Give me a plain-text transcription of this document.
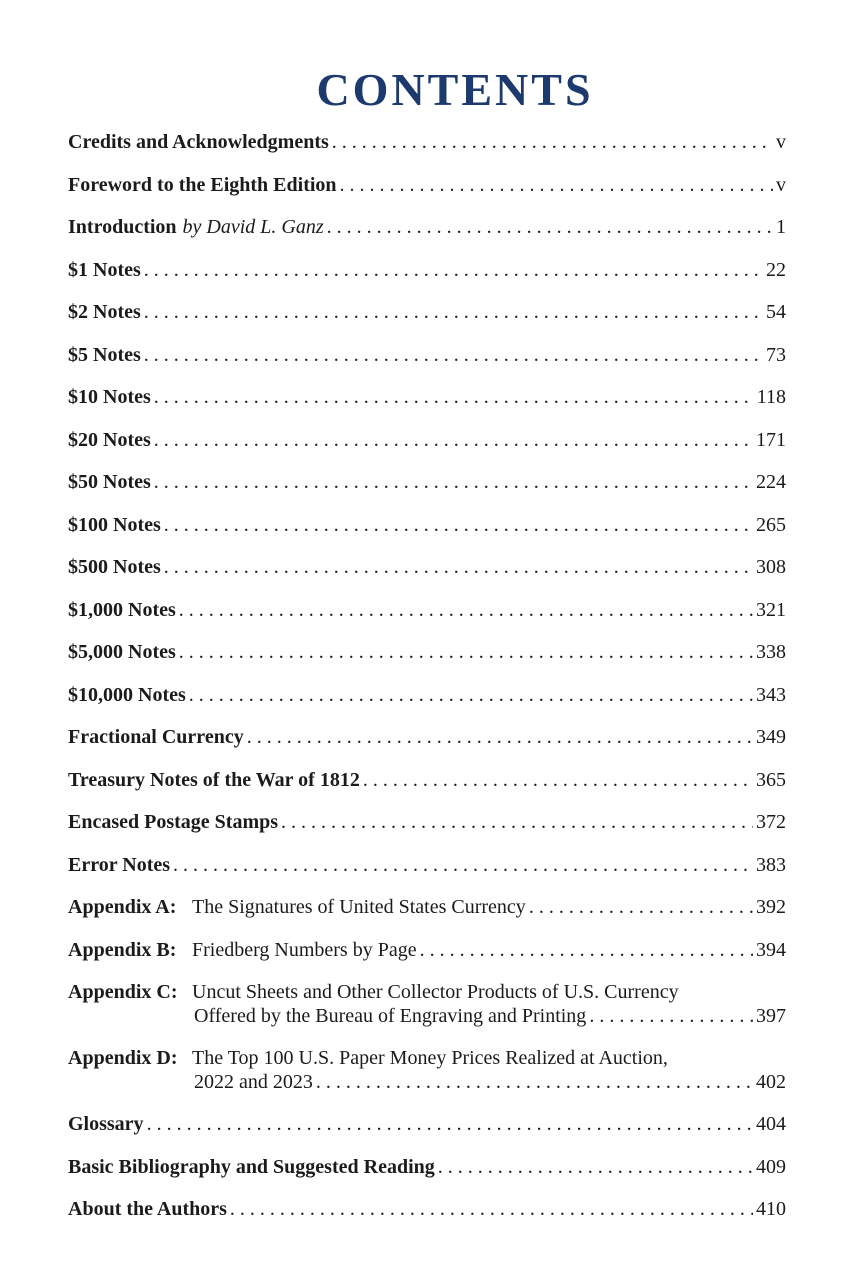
CONTENTS
Credits and Acknowledgments . . .	v
Foreword to the Eighth Edition . . .	v
Introduction by David L. Ganz . . .	1
$1 Notes . . .	22
$2 Notes . . .	54
$5 Notes . . .	73
$10 Notes . . .	118
$20 Notes . . .	171
$50 Notes . . .	224
$100 Notes . . .	265
$500 Notes . . .	308
$1,000 Notes . . .	321
$5,000 Notes . . .	338
$10,000 Notes . . .	343
Fractional Currency . . .	349
Treasury Notes of the War of 1812 . . .	365
Encased Postage Stamps . . .	372
Error Notes . . .	383
Appendix A: The Signatures of United States Currency . . .	392
Appendix B: Friedberg Numbers by Page . . .	394
Appendix C: Uncut Sheets and Other Collector Products of U.S. Currency
Offered by the Bureau of Engraving and Printing . . .	397
Appendix D: The Top 100 U.S. Paper Money Prices Realized at Auction,
2022 and 2023 . . .	402
Glossary . . .	404
Basic Bibliography and Suggested Reading . . .	409
About the Authors . . .	410
